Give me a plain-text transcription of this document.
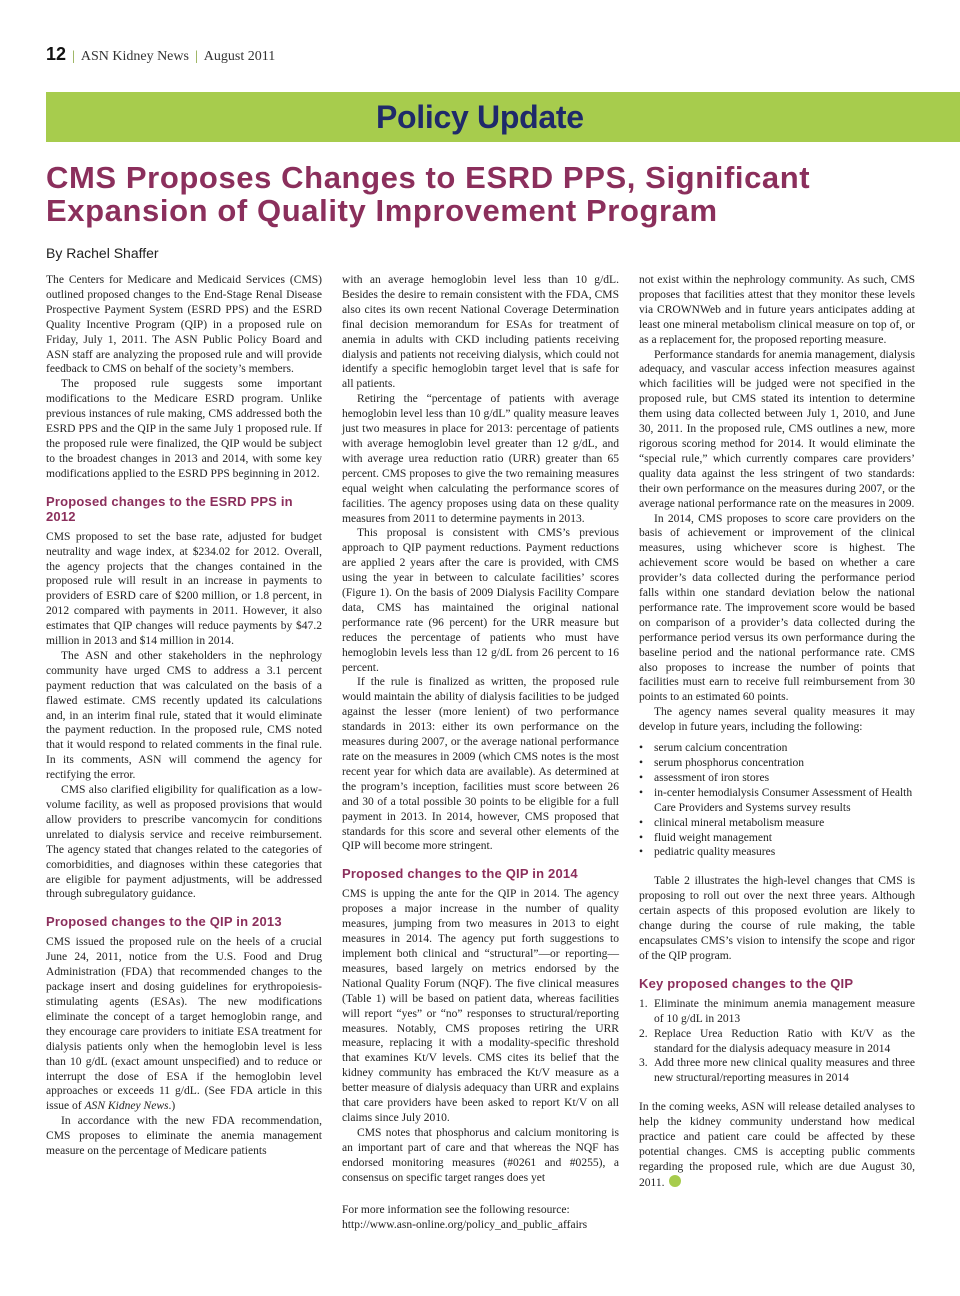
12 | ASN Kidney News | August 2011
Policy Update
CMS Proposes Changes to ESRD PPS, Significant Expansion of Quality Improvement Program
By Rachel Shaffer

The Centers for Medicare and Medicaid Services (CMS) outlined proposed changes to the End-Stage Renal Disease Prospective Payment System (ESRD PPS) and the ESRD Quality Incentive Program (QIP) in a proposed rule on Friday, July 1, 2011. The ASN Public Policy Board and ASN staff are analyzing the proposed rule and will provide feedback to CMS on behalf of the society’s members.

The proposed rule suggests some important modifications to the Medicare ESRD program. Unlike previous instances of rule making, CMS addressed both the ESRD PPS and the QIP in the same July 1 proposed rule. If the proposed rule were finalized, the QIP would be subject to the broadest changes in 2013 and 2014, with some key modifications applied to the ESRD PPS beginning in 2012.

Proposed changes to the ESRD PPS in 2012

CMS proposed to set the base rate, adjusted for budget neutrality and wage index, at $234.02 for 2012. Overall, the agency projects that the changes contained in the proposed rule will result in an increase in payments to providers of ESRD care of $200 million, or 1.8 percent, in 2012 compared with payments in 2011. However, it also estimates that QIP changes will reduce payments by $47.2 million in 2013 and $14 million in 2014.

The ASN and other stakeholders in the nephrology community have urged CMS to address a 3.1 percent payment reduction that was calculated on the basis of a flawed estimate. CMS recently updated its calculations and, in an interim final rule, stated that it would eliminate the payment reduction. In the proposed rule, CMS noted that it would respond to related comments in the final rule. In its comments, ASN will commend the agency for rectifying the error.

CMS also clarified eligibility for qualification as a low-volume facility, as well as proposed provisions that would allow providers to prescribe vancomycin for conditions unrelated to dialysis service and receive reimbursement. The agency stated that changes related to the categories of comorbidities, and diagnoses within these categories that are eligible for payment adjustments, will be addressed through subregulatory guidance.

Proposed changes to the QIP in 2013

CMS issued the proposed rule on the heels of a crucial June 24, 2011, notice from the U.S. Food and Drug Administration (FDA) that recommended changes to the package insert and dosing guidelines for erythropoiesis-stimulating agents (ESAs). The new modifications eliminate the concept of a target hemoglobin range, and they encourage care providers to initiate ESA treatment for dialysis patients only when the hemoglobin level is less than 10 g/dL (exact amount unspecified) and to reduce or interrupt the dose of ESA if the hemoglobin level approaches or exceeds 11 g/dL. (See FDA article in this issue of ASN Kidney News.)

In accordance with the new FDA recommendation, CMS proposes to eliminate the anemia management measure on the percentage of Medicare patients

with an average hemoglobin level less than 10 g/dL. Besides the desire to remain consistent with the FDA, CMS also cites its own recent National Coverage Determination final decision memorandum for ESAs for treatment of anemia in adults with CKD including patients receiving dialysis and patients not receiving dialysis, which could not identify a specific hemoglobin target level that is safe for all patients.

Retiring the “percentage of patients with average hemoglobin level less than 10 g/dL” quality measure leaves just two measures in place for 2013: percentage of patients with average hemoglobin level greater than 12 g/dL, and with average urea reduction ratio (URR) greater than 65 percent. CMS proposes to give the two remaining measures equal weight when calculating the performance scores of facilities. The agency proposes using data on these quality measures from 2011 to determine payments in 2013.

This proposal is consistent with CMS’s previous approach to QIP payment reductions. Payment reductions are applied 2 years after the care is provided, with CMS using the year in between to calculate facilities’ scores (Figure 1). On the basis of 2009 Dialysis Facility Compare data, CMS has maintained the original national performance rate (96 percent) for the URR measure but reduces the percentage of patients who must have hemoglobin levels less than 12 g/dL from 26 percent to 16 percent.

If the rule is finalized as written, the proposed rule would maintain the ability of dialysis facilities to be judged against the lesser (more lenient) of two performance standards in 2013: either its own performance on the measures during 2007, or the average national performance rate on the measures in 2009 (which CMS notes is the most recent year for which data are available). As determined at the program’s inception, facilities must score between 26 and 30 of a total possible 30 points to be eligible for a full payment in 2013. In 2014, however, CMS proposed that standards for this score and several other elements of the QIP will become more stringent.

Proposed changes to the QIP in 2014

CMS is upping the ante for the QIP in 2014. The agency proposes a major increase in the number of quality measures, jumping from two measures in 2013 to eight measures in 2014. The agency put forth suggestions to implement both clinical and “structural”—or reporting—measures, based largely on metrics endorsed by the National Quality Forum (NQF). The five clinical measures (Table 1) will be based on patient data, whereas facilities will report “yes” or “no” responses to structural/reporting measures. Notably, CMS proposes retiring the URR measure, replacing it with a modality-specific threshold that examines Kt/V levels. CMS cites its belief that the kidney community has embraced the Kt/V measure as a better measure of dialysis adequacy than URR and explains that care providers have been asked to report Kt/V on all claims since July 2010.

CMS notes that phosphorus and calcium monitoring is an important part of care and that whereas the NQF has endorsed monitoring measures (#0261 and #0255), a consensus on specific target ranges does yet

For more information see the following resource:

http://www.asn-online.org/policy_and_public_affairs

not exist within the nephrology community. As such, CMS proposes that facilities attest that they monitor these levels via CROWNWeb and in future years anticipates adding at least one mineral metabolism clinical measure on top of, or as a replacement for, the proposed reporting measure.

Performance standards for anemia management, dialysis adequacy, and vascular access infection measures against which facilities will be judged were not specified in the proposed rule, but CMS stated its intention to determine them using data collected between July 1, 2010, and June 30, 2011. In the proposed rule, CMS outlines a new, more rigorous scoring method for 2014. It would eliminate the “special rule,” which currently compares care providers’ quality data against the less stringent of two standards: their own performance on the measures during 2007, or the average national performance rate on the measures in 2009.

In 2014, CMS proposes to score care providers on the basis of achievement or improvement of the clinical measures, using whichever score is highest. The achievement score would be based on whether a care provider’s data collected during the performance period falls within one standard deviation below the national performance rate. The improvement score would be based on comparison of a provider’s data collected during the performance period versus its own performance during the baseline period and the national performance rate. CMS also proposes to increase the number of points that facilities must earn to receive full reimbursement from 30 points to an estimated 60 points.

The agency names several quality measures it may develop in future years, including the following:

• serum calcium concentration
• serum phosphorus concentration
• assessment of iron stores
• in-center hemodialysis Consumer Assessment of Health Care Providers and Systems survey results
• clinical mineral metabolism measure
• fluid weight management
• pediatric quality measures

Table 2 illustrates the high-level changes that CMS is proposing to roll out over the next three years. Although certain aspects of this proposed evolution are likely to change during the course of rule making, the table encapsulates CMS’s vision to intensify the scope and rigor of the QIP program.

Key proposed changes to the QIP
1. Eliminate the minimum anemia management measure of 10 g/dL in 2013
2. Replace Urea Reduction Ratio with Kt/V as the standard for the dialysis adequacy measure in 2014
3. Add three more new clinical quality measures and three new structural/reporting measures in 2014

In the coming weeks, ASN will release detailed analyses to help the kidney community understand how medical practice and patient care could be affected by these potential changes. CMS is accepting public comments regarding the proposed rule, which are due August 30, 2011.
